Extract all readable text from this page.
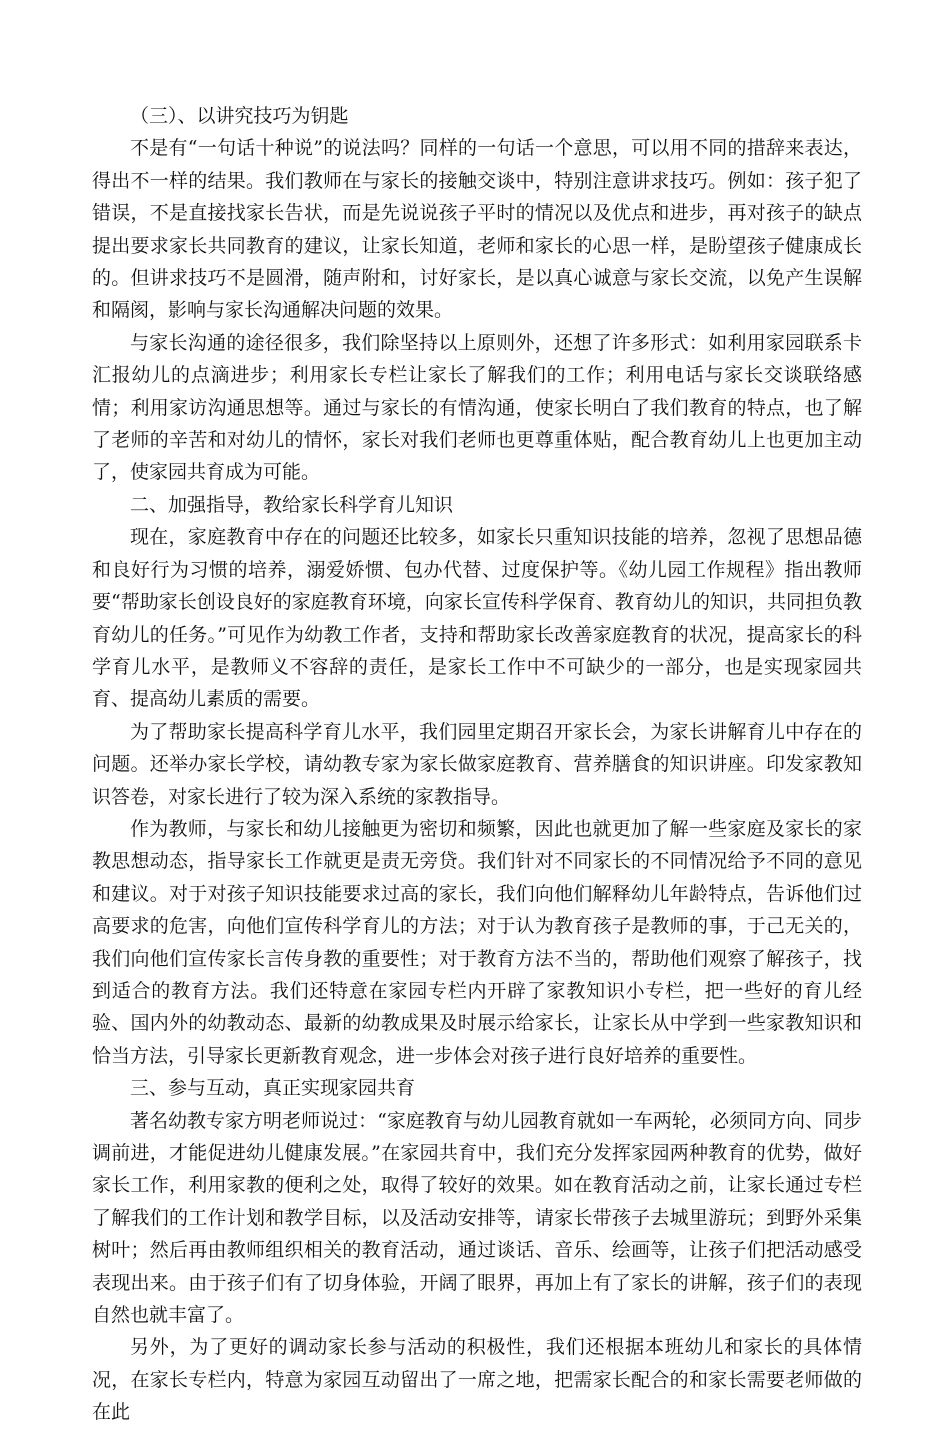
（三）、以讲究技巧为钥匙

不是有“一句话十种说”的说法吗？同样的一句话一个意思，可以用不同的措辞来表达，得出不一样的结果。我们教师在与家长的接触交谈中，特别注意讲求技巧。例如：孩子犯了错误，不是直接找家长告状，而是先说说孩子平时的情况以及优点和进步，再对孩子的缺点提出要求家长共同教育的建议，让家长知道，老师和家长的心思一样，是盼望孩子健康成长的。但讲求技巧不是圆滑，随声附和，讨好家长，是以真心诚意与家长交流，以免产生误解和隔阂，影响与家长沟通解决问题的效果。

与家长沟通的途径很多，我们除坚持以上原则外，还想了许多形式：如利用家园联系卡汇报幼儿的点滴进步；利用家长专栏让家长了解我们的工作；利用电话与家长交谈联络感情；利用家访沟通思想等。通过与家长的有情沟通，使家长明白了我们教育的特点，也了解了老师的辛苦和对幼儿的情怀，家长对我们老师也更尊重体贴，配合教育幼儿上也更加主动了，使家园共育成为可能。

二、加强指导，教给家长科学育儿知识

现在，家庭教育中存在的问题还比较多，如家长只重知识技能的培养，忽视了思想品德和良好行为习惯的培养，溺爱娇惯、包办代替、过度保护等。《幼儿园工作规程》指出教师要“帮助家长创设良好的家庭教育环境，向家长宣传科学保育、教育幼儿的知识，共同担负教育幼儿的任务。”可见作为幼教工作者，支持和帮助家长改善家庭教育的状况，提高家长的科学育儿水平，是教师义不容辞的责任，是家长工作中不可缺少的一部分，也是实现家园共育、提高幼儿素质的需要。

为了帮助家长提高科学育儿水平，我们园里定期召开家长会，为家长讲解育儿中存在的问题。还举办家长学校，请幼教专家为家长做家庭教育、营养膳食的知识讲座。印发家教知识答卷，对家长进行了较为深入系统的家教指导。

作为教师，与家长和幼儿接触更为密切和频繁，因此也就更加了解一些家庭及家长的家教思想动态，指导家长工作就更是责无旁贷。我们针对不同家长的不同情况给予不同的意见和建议。对于对孩子知识技能要求过高的家长，我们向他们解释幼儿年龄特点，告诉他们过高要求的危害，向他们宣传科学育儿的方法；对于认为教育孩子是教师的事，于己无关的，我们向他们宣传家长言传身教的重要性；对于教育方法不当的，帮助他们观察了解孩子，找到适合的教育方法。我们还特意在家园专栏内开辟了家教知识小专栏，把一些好的育儿经验、国内外的幼教动态、最新的幼教成果及时展示给家长，让家长从中学到一些家教知识和恰当方法，引导家长更新教育观念，进一步体会对孩子进行良好培养的重要性。

三、参与互动，真正实现家园共育

著名幼教专家方明老师说过：“家庭教育与幼儿园教育就如一车两轮，必须同方向、同步调前进，才能促进幼儿健康发展。”在家园共育中，我们充分发挥家园两种教育的优势，做好家长工作，利用家教的便利之处，取得了较好的效果。如在教育活动之前，让家长通过专栏了解我们的工作计划和教学目标，以及活动安排等，请家长带孩子去城里游玩；到野外采集树叶；然后再由教师组织相关的教育活动，通过谈话、音乐、绘画等，让孩子们把活动感受表现出来。由于孩子们有了切身体验，开阔了眼界，再加上有了家长的讲解，孩子们的表现自然也就丰富了。

另外，为了更好的调动家长参与活动的积极性，我们还根据本班幼儿和家长的具体情况，在家长专栏内，特意为家园互动留出了一席之地，把需家长配合的和家长需要老师做的在此
